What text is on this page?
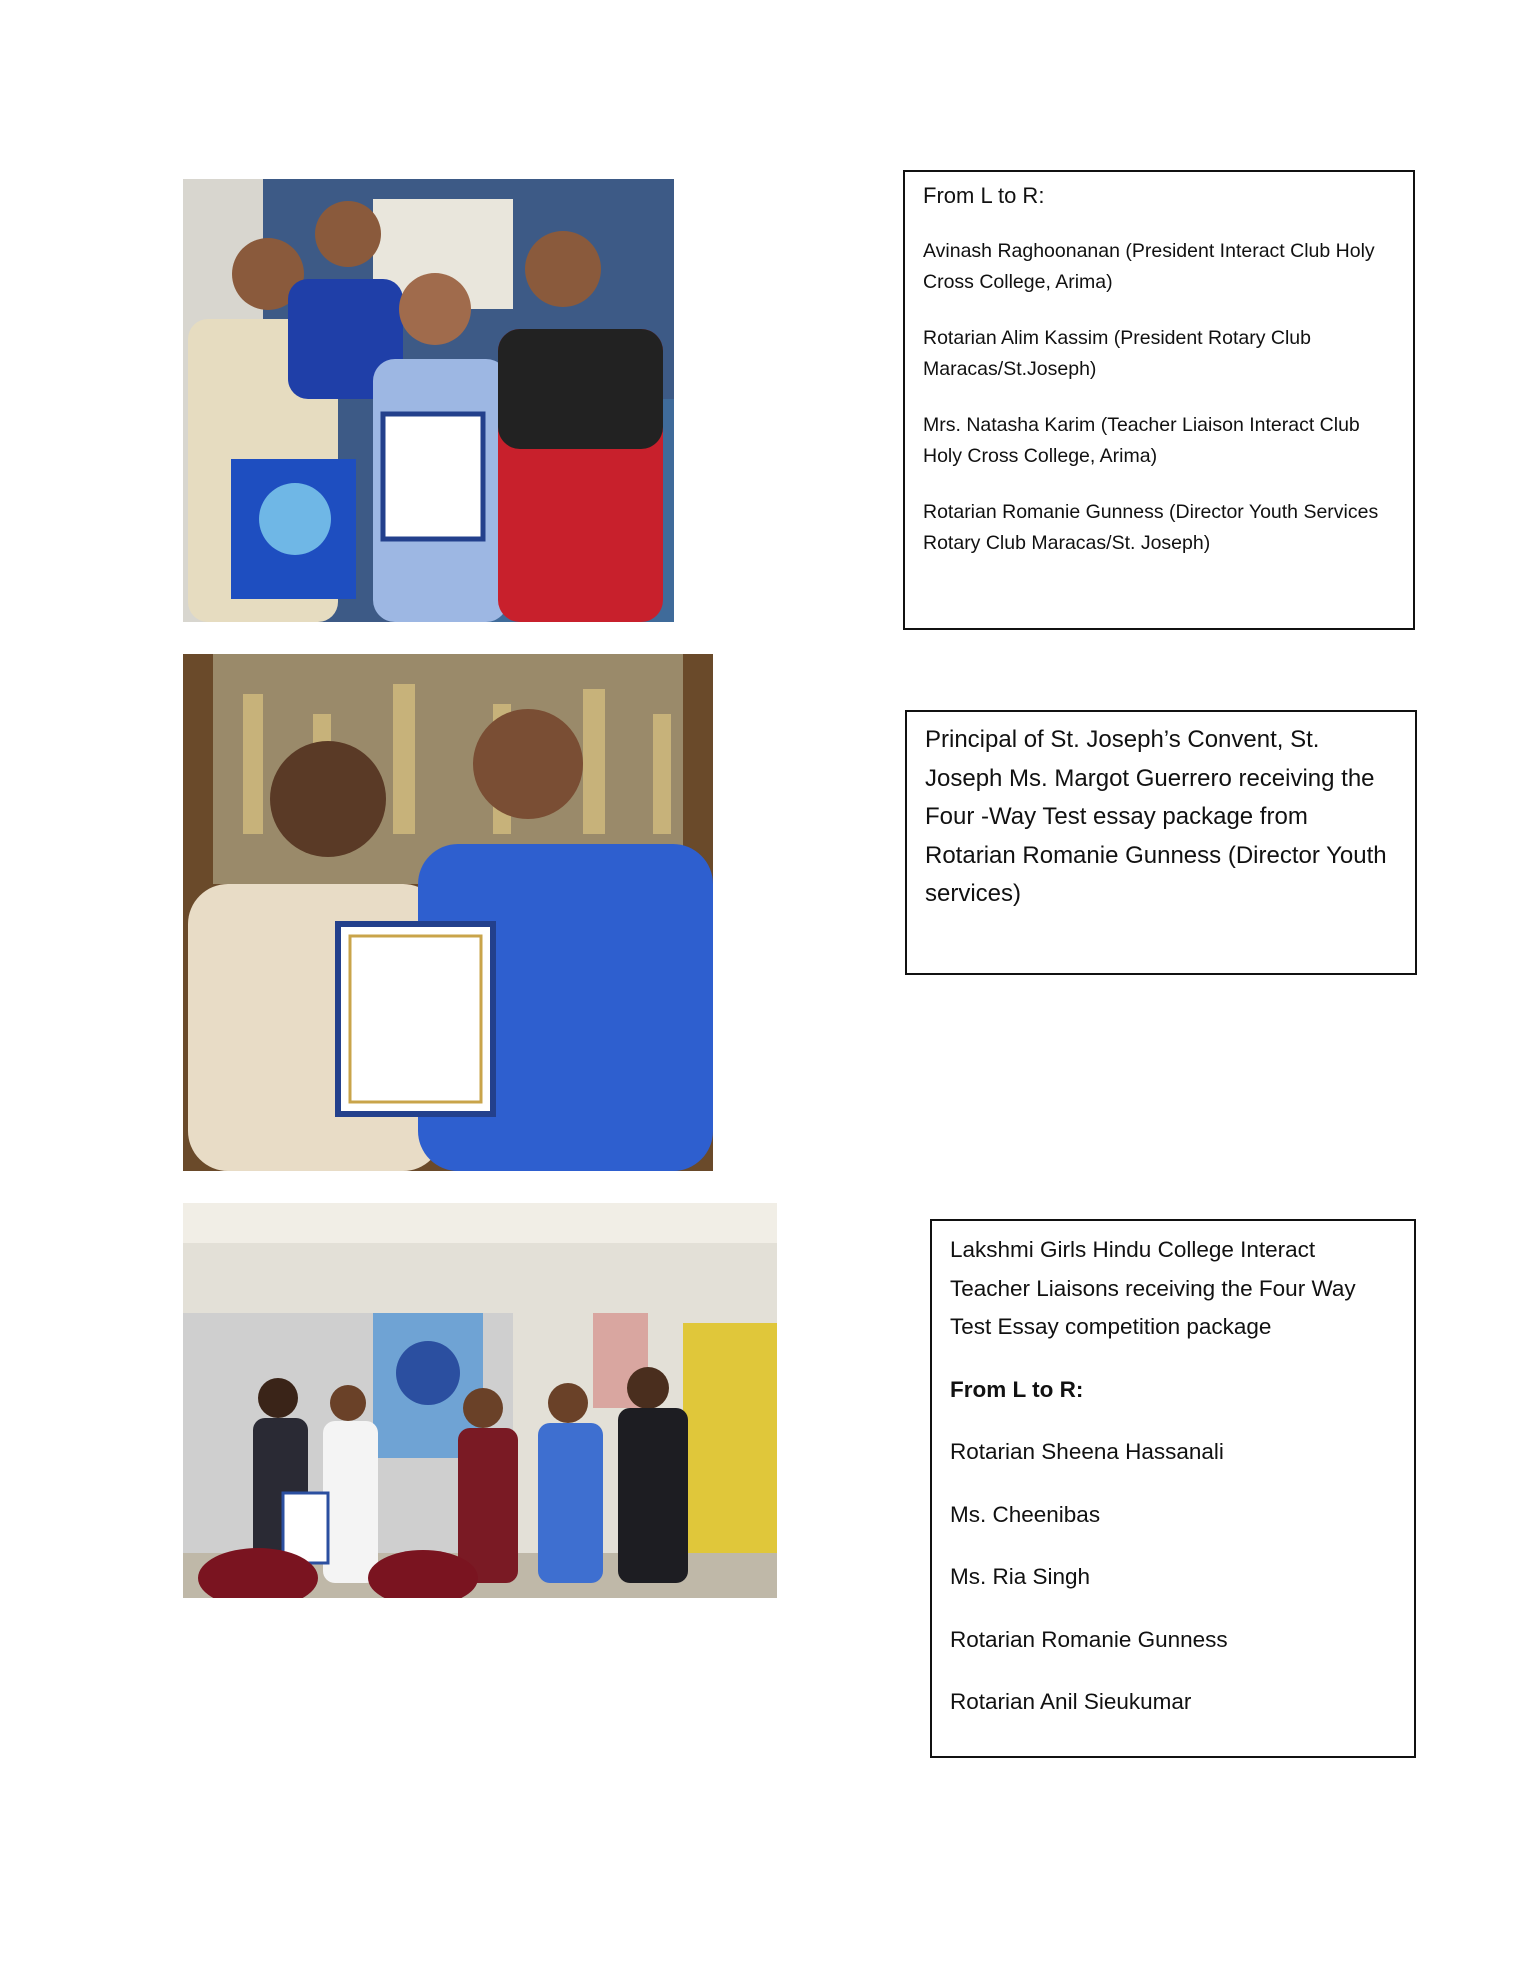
From L to R:

Avinash Raghoonanan (President Interact Club Holy Cross College, Arima)

Rotarian Alim Kassim (President Rotary Club Maracas/St.Joseph)

Mrs. Natasha Karim (Teacher Liaison Interact Club Holy Cross College, Arima)

Rotarian Romanie Gunness (Director Youth Services Rotary Club Maracas/St. Joseph)

Principal of St. Joseph’s Convent, St. Joseph Ms. Margot Guerrero receiving the Four -Way Test essay package from Rotarian Romanie Gunness (Director Youth services)

Lakshmi Girls Hindu College Interact Teacher Liaisons receiving the Four Way Test Essay competition package

From L to R:

Rotarian Sheena Hassanali

Ms. Cheenibas

Ms. Ria Singh

Rotarian Romanie Gunness

Rotarian Anil Sieukumar
